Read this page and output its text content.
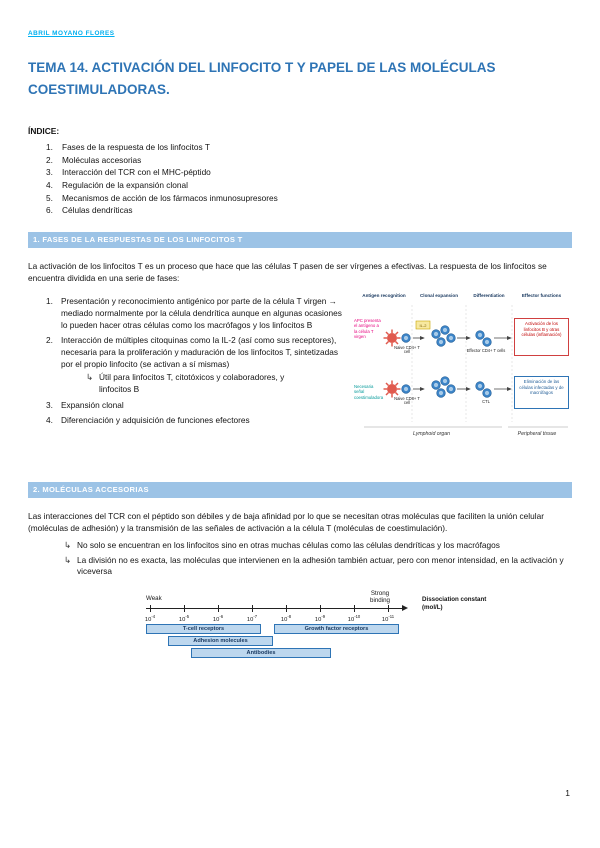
ABRIL MOYANO FLORES
TEMA 14. ACTIVACIÓN DEL LINFOCITO T Y PAPEL DE LAS MOLÉCULAS COESTIMULADORAS.
ÍNDICE:
1.	Fases de la respuesta de los linfocitos T
2.	Moléculas accesorias
3.	Interacción del TCR con el MHC-péptido
4.	Regulación de la expansión clonal
5.	Mecanismos de acción de los fármacos inmunosupresores
6.	Células dendríticas
1. FASES DE LA RESPUESTAS DE LOS LINFOCITOS T
La activación de los linfocitos T es un proceso que hace que las células T pasen de ser vírgenes a efectivas. La respuesta de los linfocitos se encuentra dividida en una serie de fases:
1. Presentación y reconocimiento antigénico por parte de la célula T virgen → mediado normalmente por la célula dendrítica aunque en algunas ocasiones lo pueden hacer otras células como los macrófagos y los linfocitos B
2. Interacción de múltiples citoquinas como la IL-2 (así como sus receptores), necesaria para la proliferación y maduración de los linfocitos T, sintetizadas por el propio linfocito (se activan a sí mismas)
↳ Útil para linfocitos T, citotóxicos y colaboradores, y linfocitos B
3. Expansión clonal
4. Diferenciación y adquisición de funciones efectores
Antigen recognition	Clonal expansion	Differentiation	Effector functions
APC presenta el antígeno a la célula T virgen
Necesaria señal coestimuladora
IL-2
Naive CD4+ T cell
Naive CD8+ T cell
Effector CD4+ T cells
CTL
Activación de los linfocitos B y otras células (inflamación)
Eliminación de las células infectadas y de macrófagos
Lymphoid organ	Peripheral tissue
2. MOLÉCULAS ACCESORIAS
Las interacciones del TCR con el péptido son débiles y de baja afinidad por lo que se necesitan otras moléculas que faciliten la unión celular (moléculas de adhesión) y la transmisión de las señales de activación a la célula T (moléculas de coestimulación).
↳ No solo se encuentran en los linfocitos sino en otras muchas células como las células dendríticas y los macrófagos
↳ La división no es exacta, las moléculas que intervienen en la adhesión también actuar, pero con menor intensidad, en la activación y viceversa
Weak
Strong binding	Dissociation constant (mol/L)
$10^{-4}$
$10^{-5}$
$10^{-6}$
$10^{-7}$
$10^{-8}$
$10^{-9}$
$10^{-10}$
$10^{-11}$
T-cell receptors	Growth factor receptors
Adhesion molecules
Antibodies
1
